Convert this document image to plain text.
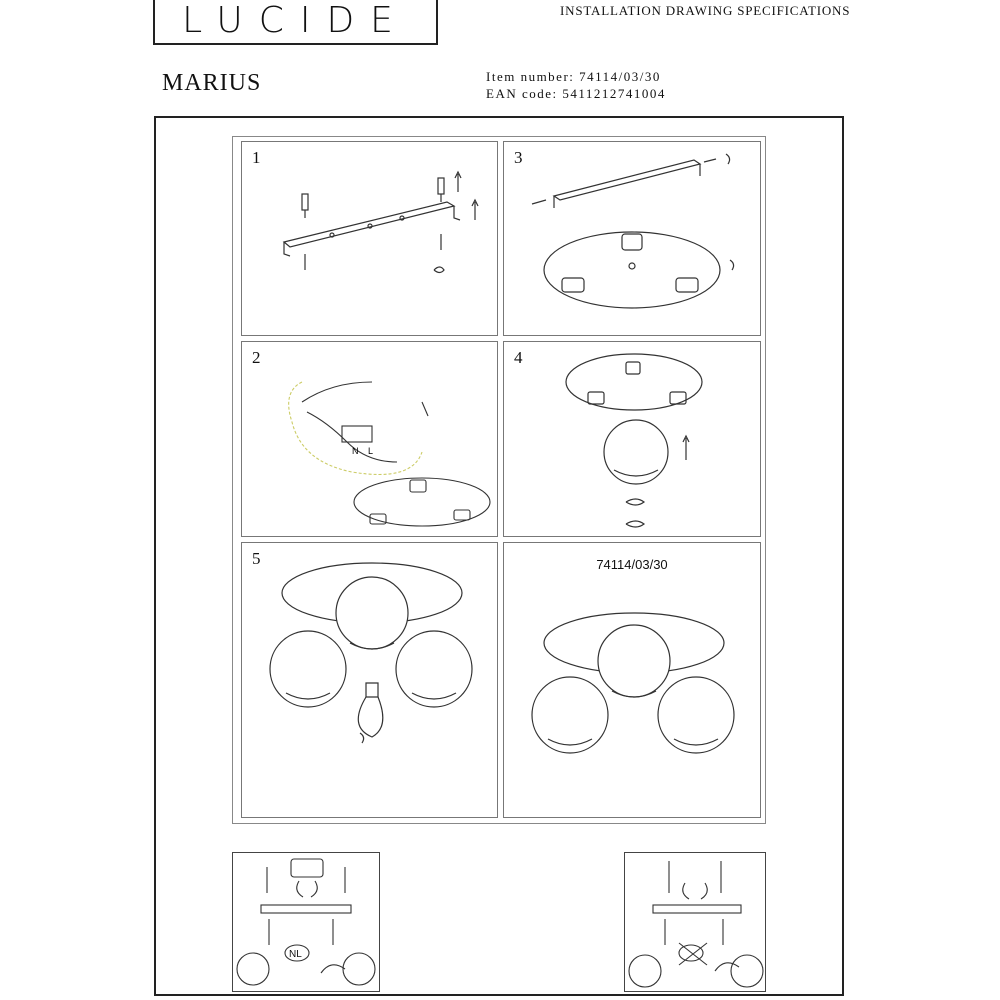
LUCIDE	INSTALLATION DRAWING SPECIFICATIONS
MARIUS	Item number: 74114/03/30
EAN code: 5411212741004
1	3
2
N L
4
5	74114/03/30
NL
